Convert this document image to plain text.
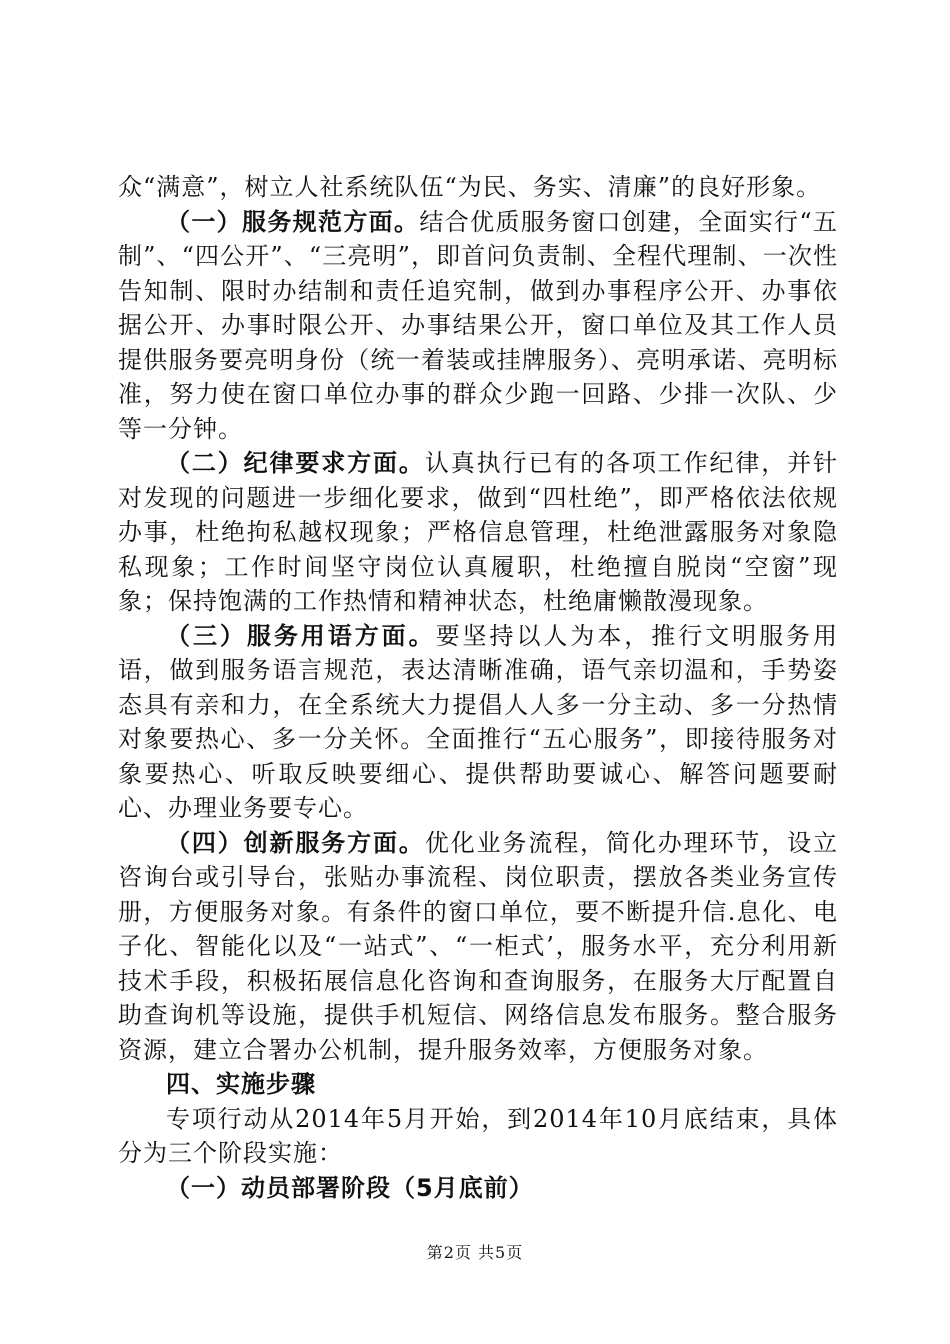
众“满意”，树立人社系统队伍“为民、务实、清廉”的良好形象。

（一）服务规范方面。结合优质服务窗口创建，全面实行“五制”、“四公开”、“三亮明”，即首问负责制、全程代理制、一次性告知制、限时办结制和责任追究制，做到办事程序公开、办事依据公开、办事时限公开、办事结果公开，窗口单位及其工作人员提供服务要亮明身份（统一着装或挂牌服务）、亮明承诺、亮明标准，努力使在窗口单位办事的群众少跑一回路、少排一次队、少等一分钟。

（二）纪律要求方面。认真执行已有的各项工作纪律，并针对发现的问题进一步细化要求，做到“四杜绝”，即严格依法依规办事，杜绝拘私越权现象；严格信息管理，杜绝泄露服务对象隐私现象；工作时间坚守岗位认真履职，杜绝擅自脱岗“空窗”现象；保持饱满的工作热情和精神状态，杜绝庸懒散漫现象。

（三）服务用语方面。要坚持以人为本，推行文明服务用语，做到服务语言规范，表达清晰准确，语气亲切温和，手势姿态具有亲和力，在全系统大力提倡人人多一分主动、多一分热情对象要热心、多一分关怀。全面推行“五心服务”，即接待服务对象要热心、听取反映要细心、提供帮助要诚心、解答问题要耐心、办理业务要专心。

（四）创新服务方面。优化业务流程，简化办理环节，设立咨询台或引导台，张贴办事流程、岗位职责，摆放各类业务宣传册，方便服务对象。有条件的窗口单位，要不断提升信.息化、电子化、智能化以及“一站式”、“一柜式’，服务水平，充分利用新技术手段，积极拓展信息化咨询和查询服务，在服务大厅配置自助查询机等设施，提供手机短信、网络信息发布服务。整合服务资源，建立合署办公机制，提升服务效率，方便服务对象。

四、实施步骤

专项行动从2014年5月开始，到2014年10月底结束，具体分为三个阶段实施：

（一）动员部署阶段（5月底前）

第2页 共5页
